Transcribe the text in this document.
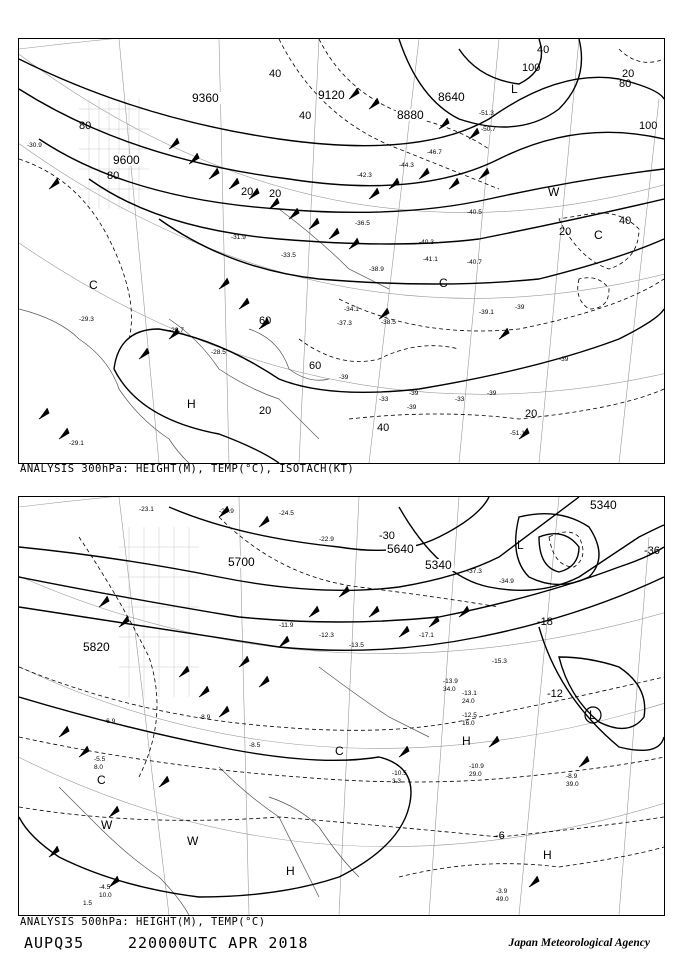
9360	9120
8880
8640
9600
80
40
20
40
60
80
100
20
40
80
100
20
40
20
20
40
60
20
L
H
C	C
C
W
-38.5
-37.3
-34.1
-40.3
-40.7
-41.1
-39.1
-51.1
-29.3
-28.5
-30.9
-31.9
-33.5
-36.5
-38.9
-42.3
-44.3
-46.7
-51.3
-50.7
-40.5
-28.7
-29.1
-39
-33
-39
-39
-33
-39
-39
-39
ANALYSIS 300hPa: HEIGHT(M), TEMP(°C), ISOTACH(KT)
5700
5640
5340
5340
5820
-30
-36
-18
-12
-6
L
L
H
H
H
C
C
W
W
-3.9
49.0
-8.9
39.0
-10.9
29.0
-10.5
3.3
-12.5
16.0
-13.9
34.0
-15.3
-13.1
24.0
-4.5
10.0
1.5
-5.5
8.0
-6.9
-8.9
-8.5
-11.9
-12.3
-13.5
-17.1
-22.9
-34.9
-37.3
-24.5
-20.9
-23.1
ANALYSIS 500hPa: HEIGHT(M), TEMP(°C)
AUPQ35	220000UTC APR 2018	Japan Meteorological Agency
